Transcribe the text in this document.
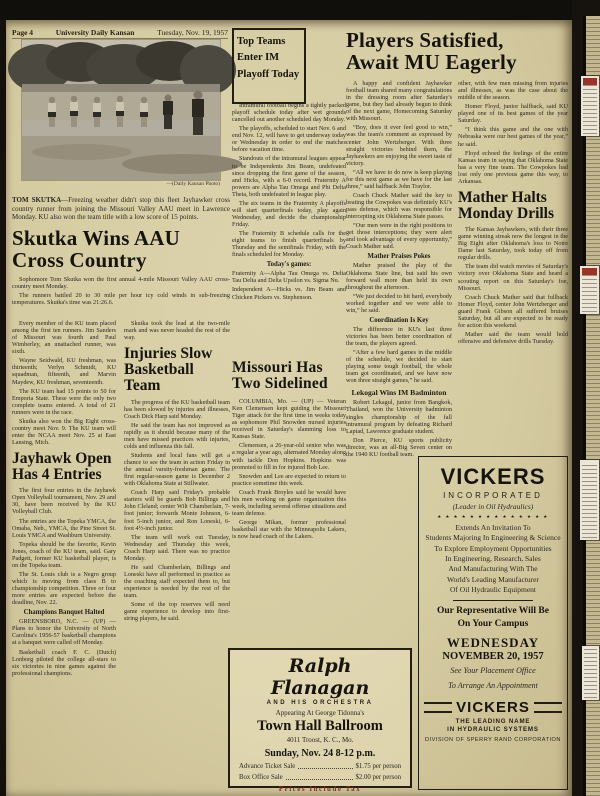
Page 4	University Daily Kansan	Tuesday, Nov. 19, 1957
—(Daily Kansan Photo)

TOM SKUTKA—Freezing weather didn't stop this fleet Jayhawker cross country runner from joining the Missouri Valley AAU meet in Lawrence Monday. KU also won the team title with a low score of 15 points.

Skutka Wins AAU
Cross Country

Sophomore Tom Skutka won the first annual 4-mile Missouri Valley AAU cross-country meet Monday.

The runners battled 20 to 30 mile per hour icy cold winds in sub-freezing temperatures. Skutka's time was 21:26.6.

Every member of the KU team placed among the first ten runners. Jim Sanders of Missouri was fourth and Paul Wimberley, an unattached runner, was sixth.

Wayne Seidwald, KU freshman, was thirteenth; Verlyn Schmidt, KU squadman, fifteenth, and Marvin Maydew, KU freshman, seventeenth.

The KU team had 15 points to 50 for Emporia State. These were the only two complete teams entered. A total of 21 runners were in the race.

Skutka also won the Big Eight cross-country meet Nov. 9. The KU team will enter the NCAA meet Nov. 25 at East Lansing, Mich.

Jayhawk Open
Has 4 Entries

The first four entries in the Jayhawk Open Volleyball tournament, Nov. 29 and 30, have been received by the KU Volleyball Club.

The entries are the Topeka YMCA, the Omaha, Neb., YMCA, the Pine Street St. Louis YMCA and Washburn University.

Topeka should be the favorite, Kevin Jones, coach of the KU team, said. Gary Padgett, former KU basketball player, is on the Topeka team.

The St. Louis club is a Negro group which is moving from class B to championship competition. Three or four more entries are expected before the deadline, Nov. 22.

Champions Banquet Halted

GREENSBORO, N.C. — (UP) — Plans to honor the University of North Carolina's 1956-57 basketball champions at a banquet were called off Monday.

Basketball coach F. C. (Dutch) Lonborg piloted the college all-stars to six victories in nine games against the professional champions.

Skutka took the lead at the two-mile mark and was never headed the rest of the way.

Injuries Slow
Basketball Team

The progress of the KU basketball team has been slowed by injuries and illnesses, Coach Dick Harp said Monday.

He said the team has not improved as rapidly as it should because many of the men have missed practices with injuries, colds and influenza this fall.

Students and local fans will get a chance to see the team in action Friday in the annual varsity-freshman game. The first regular-season game is December 2 with Oklahoma State at Stillwater.

Coach Harp said Friday's probable starters will be guards Bob Billings and John Cleland; center Wilt Chamberlain, 7-foot junior; forwards Monte Johnson, 6-foot 5-inch junior, and Ron Loneski, 6-foot 4½-inch junior.

The team will work out Tuesday, Wednesday and Thursday this week, Coach Harp said. There was no practice Monday.

He said Chamberlain, Billings and Loneski have all performed in practice as the coaching staff expected them to, but experience is needed by the rest of the team.

Some of the top reserves will need game experience to develop into first-string players, he said.

Top Teams
Enter IM
Playoff Today

Intramural football begins a tightly packed playoff schedule today after wet grounds cancelled out another scheduled day Monday.

The playoffs, scheduled to start Nov. 6 and end Nov. 12, will have to get underway today or Wednesday in order to end the matches before vacation time.

Standouts of the intramural leagues appear to be Independents Jim Beam, undefeated since dropping the first game of the season, and Hicks, with a 6-0 record. Fraternity A powers are Alpha Tau Omega and Phi Delta Theta, both undefeated in league play.

The six teams in the Fraternity A playoffs will start quarterfinals today, play again Wednesday, and decide the championship Friday.

The Fraternity B schedule calls for the eight teams to finish quarterfinals by Thursday and the semifinals Friday, with the finals scheduled for Monday.

Today's games:

Fraternity A—Alpha Tau Omega vs. Delta Tau Delta and Delta Upsilon vs. Sigma Nu.

Independent A—Hicks vs. Jim Beam and Chicken Pickers vs. Stephenson.

Missouri Has
Two Sidelined

COLUMBIA, Mo. — (UP) — Veteran Ken Clemensen kept guiding the Missouri Tiger attack for the first time in weeks today as sophomore Phil Snowden nursed injuries received in Saturday's slamming loss to Kansas State.

Clemensen, a 26-year-old senior who was a regular a year ago, alternated Monday along with tackle Don Hopkins. Hopkins was promoted to fill in for injured Bob Lee.

Snowden and Lee are expected to return to practice sometime this week.

Coach Frank Broyles said he would have his men working on game organization this week, including several offense situations and team defense.

George Mikan, former professional basketball star with the Minneapolis Lakers, is now head coach of the Lakers.

Ralph Flanagan
AND HIS ORCHESTRA
Appearing At George Tidonna's
Town Hall Ballroom
4011 Troost, K. C., Mo.
Sunday, Nov. 24 8-12 p.m.
Advance Ticket Sale	$1.75 per person
Box Office Sale	$2.00 per person
Prices Include Tax
Players Satisfied,
Await MU Eagerly

A happy and confident Jayhawker football team shared many congratulations in the dressing room after Saturday's game, but they had already begun to think of the next game, Homecoming Saturday with Missouri.

“Boy, does it ever feel good to win,” was the team's comment as expressed by center John Wertzberger. With three straight victories behind them, the Jayhawkers are enjoying the sweet taste of victory.

“All we have to do now is keep playing for this next game as we have for the last three,” said halfback John Traylor.

Coach Chuck Mather said the key to beating the Cowpokes was definitely KU's pass defense, which was responsible for intercepting six Oklahoma State passes.

“Our men were in the right positions to get those interceptions; they were alert and took advantage of every opportunity,” Coach Mather said.

Mather Praises Pokes

Mather praised the play of the Oklahoma State line, but said his own forward wall more than held its own throughout the afternoon.

“We just decided to hit hard, everybody worked together and we were able to win,” he said.

Coordination Is Key

The difference in KU's last three victories has been better coordination of the team, the players agreed.

“After a few hard games in the middle of the schedule, we decided to start playing some tough football, the whole team got coordinated, and we have now won three straight games,” he said.

Lekogal Wins IM Badminton

Robert Lekagul, junior from Bangkok, Thailand, won the University badminton singles championship of the fall intramural program by defeating Richard Laptad, Lawrence graduate student.

Don Pierce, KU sports publicity director, was an all-Big Seven center on the 1940 KU football team.

other, with few men missing from injuries and illnesses, as was the case about the middle of the season.

Homer Floyd, junior halfback, said KU played one of its best games of the year Saturday.

“I think this game and the one with Nebraska were our best games of the year,” he said.

Floyd echoed the feelings of the entire Kansas team in saying that Oklahoma State has a very fine team. The Cowpokes had lost only one previous game this way, to Arkansas.

Mather Halts
Monday Drills

The Kansas Jayhawkers, with their three game winning streak now the longest in the Big Eight after Oklahoma's loss to Notre Dame last Saturday, took today off from regular drills.

The team did watch movies of Saturday's victory over Oklahoma State and heard a scouting report on this Saturday's foe, Missouri.

Coach Chuck Mather said that fullback Homer Floyd, center John Wertzberger and guard Frank Gibson all suffered bruises Saturday, but all are expected to be ready for action this weekend.

Mather said the team would hold offensive and defensive drills Tuesday.

VICKERS
INCORPORATED
(Leader in Oil Hydraulics)
★ ★ ★ ★ ★ ★ ★ ★ ★ ★ ★ ★ ★ ★
Extends An Invitation To
Students Majoring In Engineering & Science
To Explore Employment Opportunities
In Engineering, Research, Sales
And Manufacturing With The
World's Leading Manufacturer
Of Oil Hydraulic Equipment
Our Representative Will Be
On Your Campus
WEDNESDAY
NOVEMBER 20, 1957
See Your Placement Office
To Arrange An Appointment
VICKERS
THE LEADING NAME
IN HYDRAULIC SYSTEMS
DIVISION OF SPERRY RAND CORPORATION
